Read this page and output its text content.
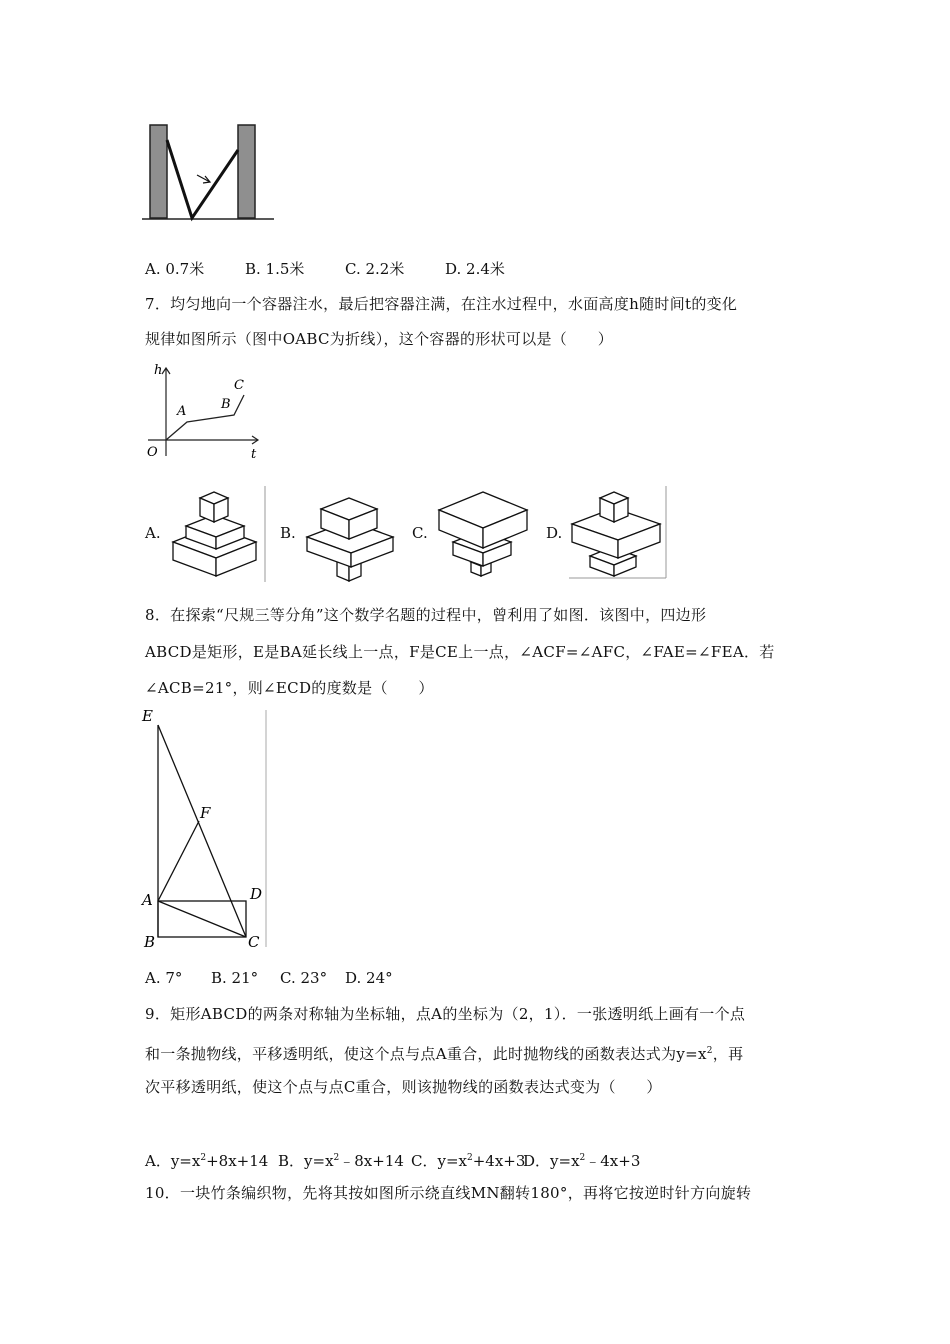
A. 0.7米	B. 1.5米	C. 2.2米	D. 2.4米
7．均匀地向一个容器注水，最后把容器注满，在注水过程中，水面高度h随时间t的变化
规律如图所示（图中OABC为折线），这个容器的形状可以是（　　）
h
t
O
A	B
C
A.	B.	C.	D.
8．在探索“尺规三等分角”这个数学名题的过程中，曾利用了如图．该图中，四边形
ABCD是矩形，E是BA延长线上一点，F是CE上一点，∠ACF=∠AFC，∠FAE=∠FEA．若
∠ACB=21°，则∠ECD的度数是（　　）
E
F
A
B	C
D
A. 7° B. 21° C. 23° D. 24°
9．矩形ABCD的两条对称轴为坐标轴，点A的坐标为（2，1）．一张透明纸上画有一个点
和一条抛物线，平移透明纸，使这个点与点A重合，此时抛物线的函数表达式为$y=x^2$，再
次平移透明纸，使这个点与点C重合，则该抛物线的函数表达式变为（　　）
A．$y=x^2+8x+14$ B．$y=x^2﹣8x+14$ C．$y=x^2+4x+3$
D．$y=x^2﹣4x+3$
10．一块竹条编织物，先将其按如图所示绕直线MN翻转180°，再将它按逆时针方向旋转
